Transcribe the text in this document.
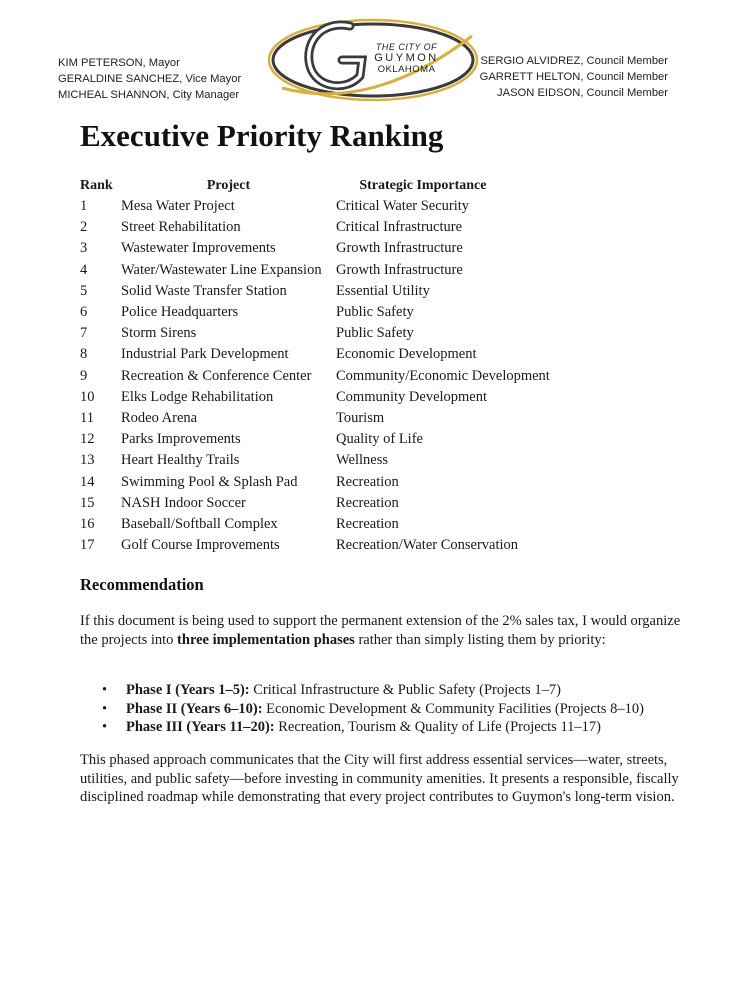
KIM PETERSON, Mayor
GERALDINE SANCHEZ, Vice Mayor
MICHEAL SHANNON, City Manager
THE CITY OF
GUYMON
OKLAHOMA
SERGIO ALVIDREZ, Council Member
GARRETT HELTON, Council Member
JASON EIDSON, Council Member
Executive Priority Ranking
Rank	Project	Strategic Importance
1	Mesa Water Project	Critical Water Security
2	Street Rehabilitation	Critical Infrastructure
3	Wastewater Improvements	Growth Infrastructure
4	Water/Wastewater Line Expansion	Growth Infrastructure
5	Solid Waste Transfer Station	Essential Utility
6	Police Headquarters	Public Safety
7	Storm Sirens	Public Safety
8	Industrial Park Development	Economic Development
9	Recreation & Conference Center	Community/Economic Development
10	Elks Lodge Rehabilitation	Community Development
11	Rodeo Arena	Tourism
12	Parks Improvements	Quality of Life
13	Heart Healthy Trails	Wellness
14	Swimming Pool & Splash Pad	Recreation
15	NASH Indoor Soccer	Recreation
16	Baseball/Softball Complex	Recreation
17	Golf Course Improvements	Recreation/Water Conservation
Recommendation

If this document is being used to support the permanent extension of the 2% sales tax, I would organize the projects into three implementation phases rather than simply listing them by priority:

• Phase I (Years 1–5): Critical Infrastructure & Public Safety (Projects 1–7)
• Phase II (Years 6–10): Economic Development & Community Facilities (Projects 8–10)
• Phase III (Years 11–20): Recreation, Tourism & Quality of Life (Projects 11–17)

This phased approach communicates that the City will first address essential services—water, streets, utilities, and public safety—before investing in community amenities. It presents a responsible, fiscally disciplined roadmap while demonstrating that every project contributes to Guymon's long-term vision.
